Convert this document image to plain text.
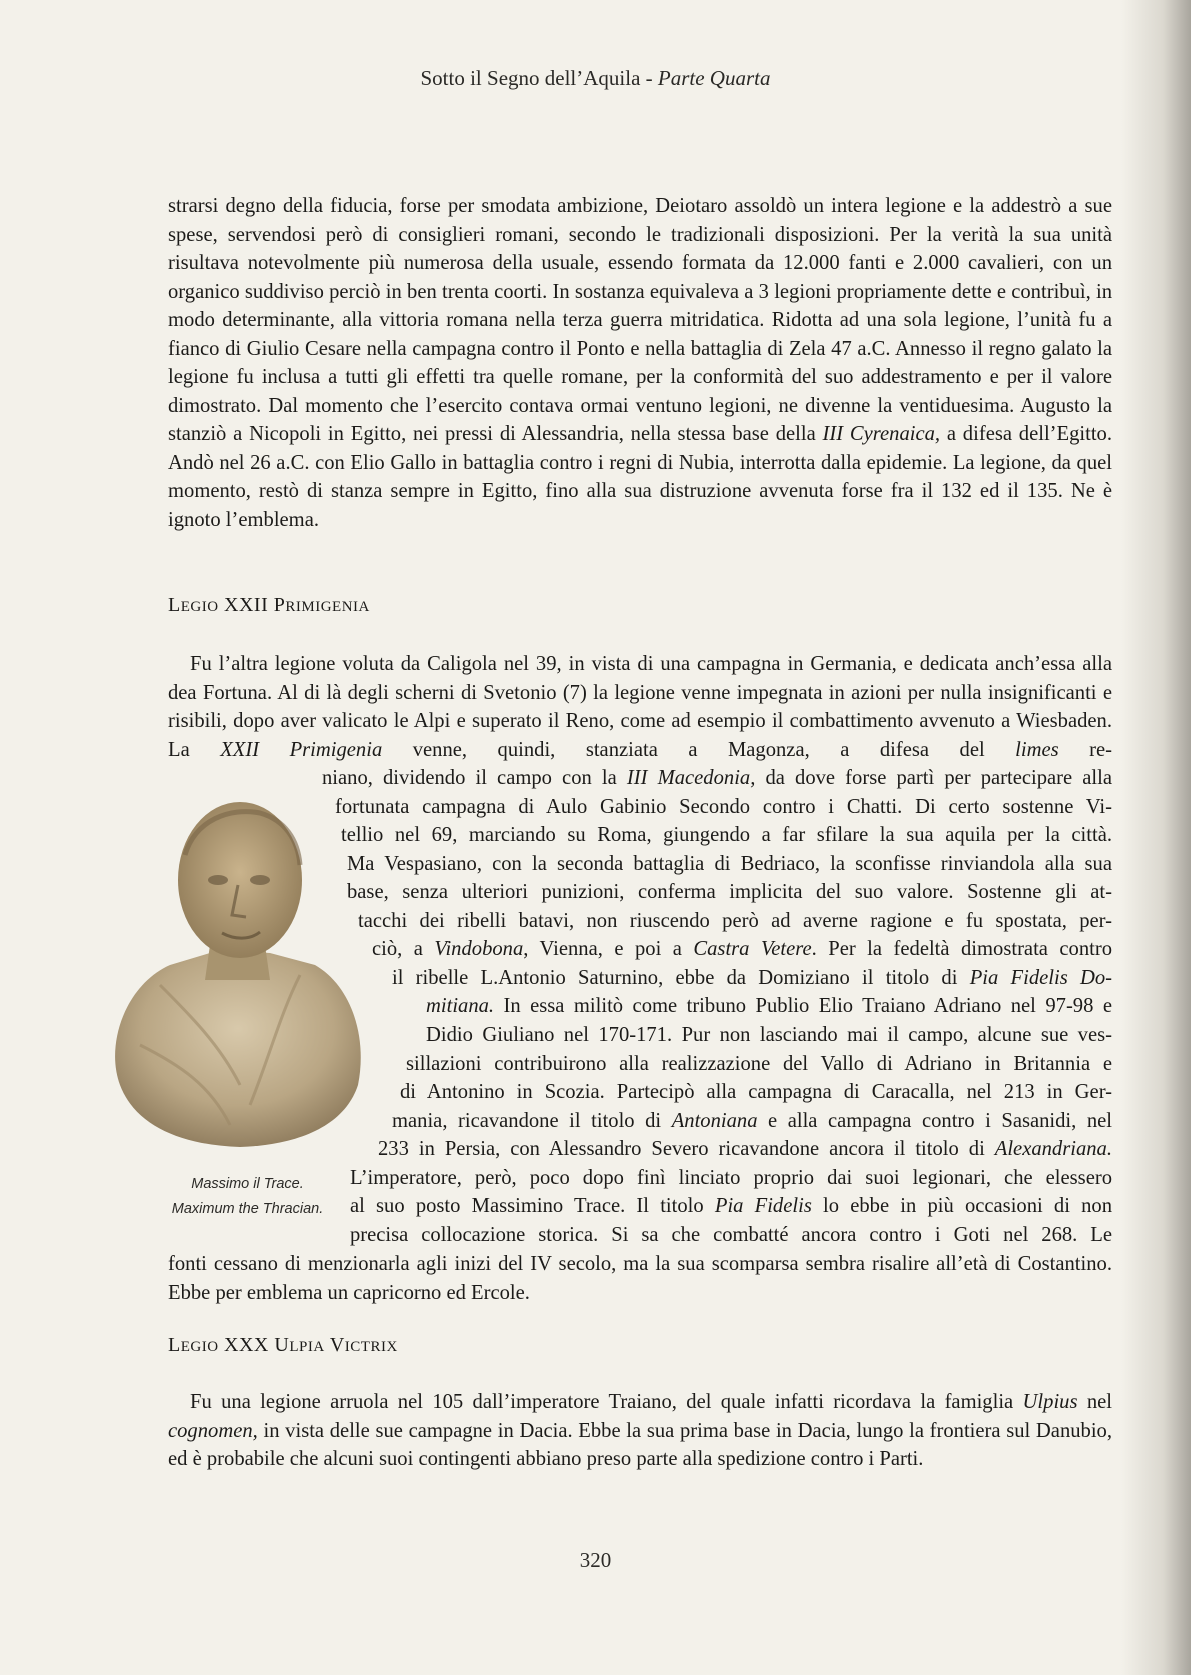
Sotto il Segno dell’Aquila - Parte Quarta
strarsi degno della fiducia, forse per smodata ambizione, Deiotaro assoldò un intera legione e la addestrò a sue spese, servendosi però di consiglieri romani, secondo le tradizionali disposizioni. Per la verità la sua unità risultava notevolmente più numerosa della usuale, essendo formata da 12.000 fanti e 2.000 cavalieri, con un organico suddiviso perciò in ben trenta coorti. In sostanza equivaleva a 3 legioni propriamente dette e contribuì, in modo determinante, alla vittoria romana nella terza guerra mitridatica. Ridotta ad una sola legione, l’unità fu a fianco di Giulio Cesare nella campagna contro il Ponto e nella battaglia di Zela 47 a.C. Annesso il regno galato la legione fu inclusa a tutti gli effetti tra quelle romane, per la conformità del suo addestramento e per il valore dimostrato. Dal momento che l’esercito contava ormai ventuno legioni, ne divenne la ventiduesima. Augusto la stanziò a Nicopoli in Egitto, nei pressi di Alessandria, nella stessa base della III Cyrenaica, a difesa dell’Egitto. Andò nel 26 a.C. con Elio Gallo in battaglia contro i regni di Nubia, interrotta dalla epidemie. La legione, da quel momento, restò di stanza sempre in Egitto, fino alla sua distruzione avvenuta forse fra il 132 ed il 135. Ne è ignoto l’emblema.
LEGIO XXII PRIMIGENIA
Fu l’altra legione voluta da Caligola nel 39, in vista di una campagna in Germania, e dedicata anch’essa alla dea Fortuna. Al di là degli scherni di Svetonio (7) la legione venne impegnata in azioni per nulla insignificanti e risibili, dopo aver valicato le Alpi e superato il Reno, come ad esempio il combattimento avvenuto a Wiesbaden. La XXII Primigenia venne, quindi, stanziata a Magonza, a difesa del limes re-
niano, dividendo il campo con la III Macedonia, da dove forse partì per partecipare alla
fortunata campagna di Aulo Gabinio Secondo contro i Chatti. Di certo sostenne Vi-
tellio nel 69, marciando su Roma, giungendo a far sfilare la sua aquila per la città.
Ma Vespasiano, con la seconda battaglia di Bedriaco, la sconfisse rinviandola alla sua
base, senza ulteriori punizioni, conferma implicita del suo valore. Sostenne gli at-
tacchi dei ribelli batavi, non riuscendo però ad averne ragione e fu spostata, per-
ciò, a Vindobona, Vienna, e poi a Castra Vetere. Per la fedeltà dimostrata contro
il ribelle L.Antonio Saturnino, ebbe da Domiziano il titolo di Pia Fidelis Do-
mitiana. In essa militò come tribuno Publio Elio Traiano Adriano nel 97-98 e
Didio Giuliano nel 170-171. Pur non lasciando mai il campo, alcune sue ves-
sillazioni contribuirono alla realizzazione del Vallo di Adriano in Britannia e
di Antonino in Scozia. Partecipò alla campagna di Caracalla, nel 213 in Ger-
mania, ricavandone il titolo di Antoniana e alla campagna contro i Sasanidi, nel
233 in Persia, con Alessandro Severo ricavandone ancora il titolo di Alexandriana.
L’imperatore, però, poco dopo finì linciato proprio dai suoi legionari, che elessero
al suo posto Massimino Trace. Il titolo Pia Fidelis lo ebbe in più occasioni di non
precisa collocazione storica. Si sa che combatté ancora contro i Goti nel 268. Le
Massimo il Trace.
Maximum the Thracian.
fonti cessano di menzionarla agli inizi del IV secolo, ma la sua scomparsa sembra risalire all’età di Costantino. Ebbe per emblema un capricorno ed Ercole.
LEGIO XXX ULPIA VICTRIX
Fu una legione arruola nel 105 dall’imperatore Traiano, del quale infatti ricordava la famiglia Ulpius nel cognomen, in vista delle sue campagne in Dacia. Ebbe la sua prima base in Dacia, lungo la frontiera sul Danubio, ed è probabile che alcuni suoi contingenti abbiano preso parte alla spedizione contro i Parti.
320
